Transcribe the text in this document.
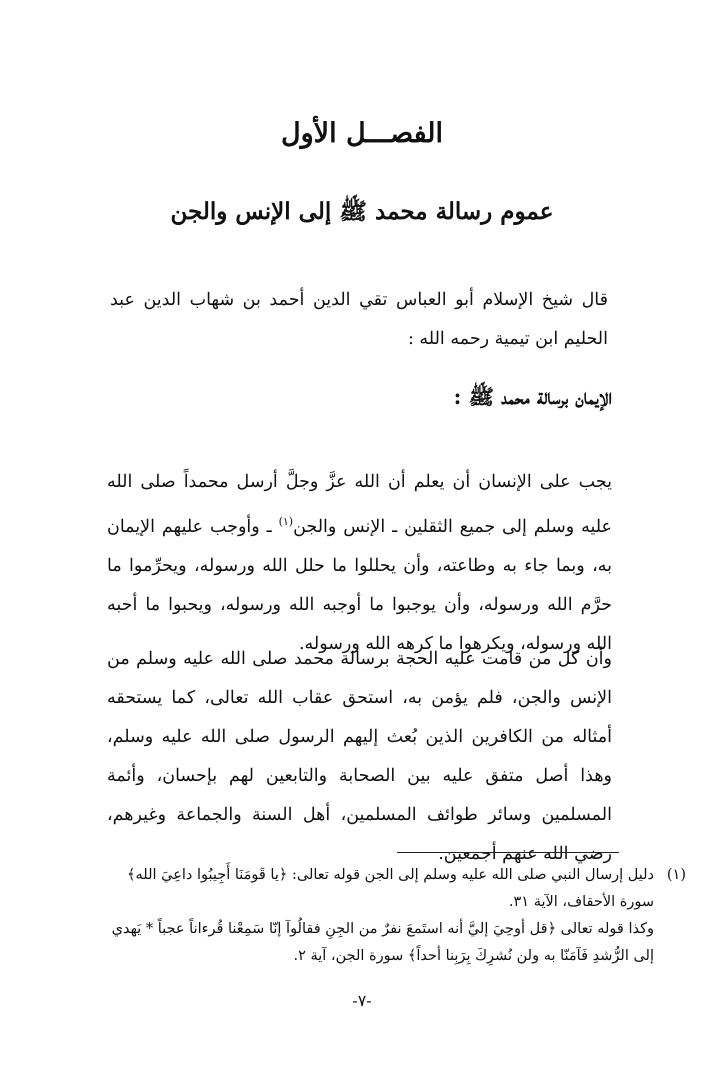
الفصـــل الأول
عموم رسالة محمد ﷺ إلى الإنس والجن

قال شيخ الإسلام أبو العباس تقي الدين أحمد بن شهاب الدين عبد الحليم ابن تيمية رحمه الله :

الإيمان برسالة محمد ﷺ :

يجب على الإنسان أن يعلم أن الله عزَّ وجلَّ أرسل محمداً صلى الله عليه وسلم إلى جميع الثقلين ـ الإنس والجن$^{(١)}$ ـ وأوجب عليهم الإيمان به، وبما جاء به وطاعته، وأن يحللوا ما حلل الله ورسوله، ويحرِّموا ما حرَّم الله ورسوله، وأن يوجبوا ما أوجبه الله ورسوله، ويحبوا ما أحبه الله ورسوله، ويكرهوا ما كرهه الله ورسوله.

وأن كل من قامت عليه الحجة برسالة محمد صلى الله عليه وسلم من الإنس والجن، فلم يؤمن به، استحق عقاب الله تعالى، كما يستحقه أمثاله من الكافرين الذين بُعث إليهم الرسول صلى الله عليه وسلم، وهذا أصل متفق عليه بين الصحابة والتابعين لهم بإحسان، وأئمة المسلمين وسائر طوائف المسلمين، أهل السنة والجماعة وغيرهم، رضي الله عنهم أجمعين.

(١)
دليل إرسال النبي صلى الله عليه وسلم إلى الجن قوله تعالى: ﴿يا قَومَنَا أَجِيبُوا داعِيَ الله﴾
سورة الأحقاف، الآية ٣١.
وكذا قوله تعالى ﴿قل أوحِيَ إليَّ أنه استَمعَ نفرٌ من الجِنِ فقالُوآ إنّا سَمِعْنا قُرءاناً عجباً * يَهدي إلى الرُّشدِ فَآمَنّا به ولن نُشرِكَ بِرَبِنا أحداً﴾ سورة الجن، آية ٢.

-٧-
